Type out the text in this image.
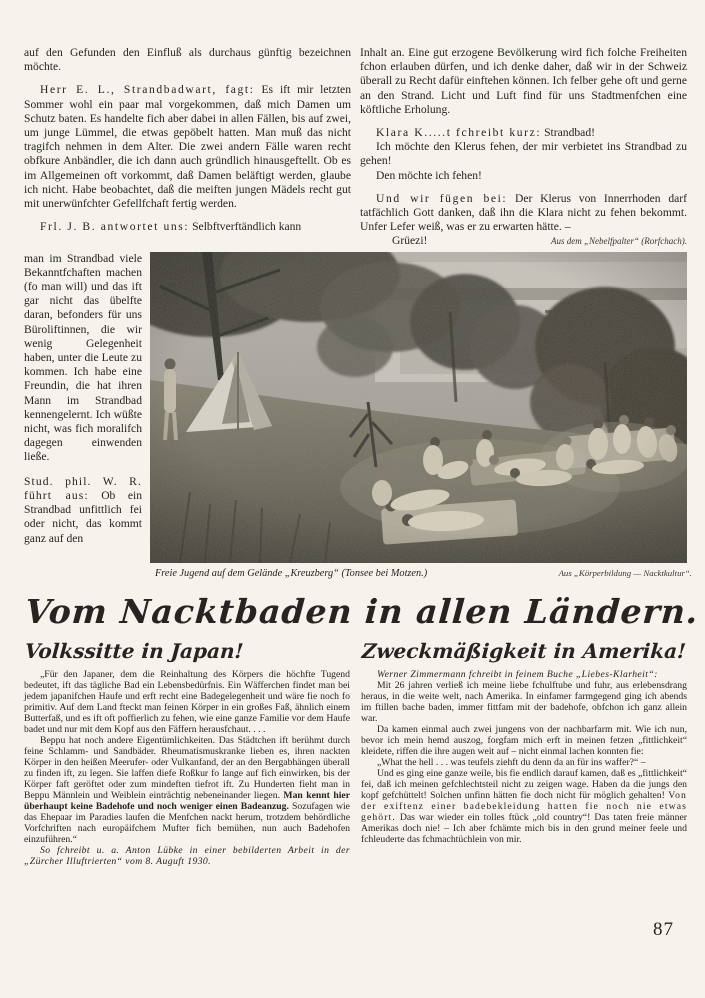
auf den Gefunden den Einfluß als durchaus günftig bezeichnen möchte.

Herr E. L., Strandbadwart, fagt: Es ift mir letzten Sommer wohl ein paar mal vorgekommen, daß mich Damen um Schutz baten. Es handelte fich aber dabei in allen Fällen, bis auf zwei, um junge Lümmel, die etwas gepöbelt hatten. Man muß das nicht tragifch nehmen in dem Alter. Die zwei andern Fälle waren recht obfkure Anbändler, die ich dann auch gründlich hinausgeftellt. Ob es im Allgemeinen oft vorkommt, daß Damen beläftigt werden, glaube ich nicht. Habe beobachtet, daß die meiften jungen Mädels recht gut mit unerwünfchter Gefellfchaft fertig werden.

Frl. J. B. antwortet uns: Selbftverftändlich kann

Inhalt an. Eine gut erzogene Bevölkerung wird fich folche Freiheiten fchon erlauben dürfen, und ich denke daher, daß wir in der Schweiz überall zu Recht dafür einftehen können. Ich felber gehe oft und gerne an den Strand. Licht und Luft find für uns Stadtmenfchen eine köftliche Erholung.

Klara K.....t fchreibt kurz: Strandbad!

Ich möchte den Klerus fehen, der mir verbietet ins Strandbad zu gehen!

Den möchte ich fehen!

Und wir fügen bei: Der Klerus von Innerrhoden darf tatfächlich Gott danken, daß ihn die Klara nicht zu fehen bekommt. Unfer Lefer weiß, was er zu erwarten hätte. –

Grüezi!	Aus dem „Nebelfpalter“ (Rorfchach).

man im Strandbad viele Bekanntfchaften machen (fo man will) und das ift gar nicht das übelfte daran, befonders für uns Büroliftinnen, die wir wenig Gelegenheit haben, unter die Leute zu kommen. Ich habe eine Freundin, die hat ihren Mann im Strandbad kennengelernt. Ich wüßte nicht, was fich moralifch dagegen einwenden ließe.

Stud. phil. W. R. führt aus: Ob ein Strandbad unfittlich fei oder nicht, das kommt ganz auf den

Freie Jugend auf dem Gelände „Kreuzberg“ (Tonsee bei Motzen.)	Aus „Körperbildung — Nacktkultur“.
Vom Nacktbaden in allen Ländern.
Volkssitte in Japan!

„Für den Japaner, dem die Reinhaltung des Körpers die höchfte Tugend bedeutet, ift das tägliche Bad ein Lebensbedürfnis. Ein Wäfferchen findet man bei jedem japanifchen Haufe und erft recht eine Badegelegenheit und wäre fie noch fo primitiv. Auf dem Land fteckt man feinen Körper in ein großes Faß, ähnlich einem Butterfaß, und es ift oft poffierlich zu fehen, wie eine ganze Familie vor dem Haufe badet und nur mit dem Kopf aus den Fäffern herausfchaut. . . .

Beppu hat noch andere Eigentümlichkeiten. Das Städtchen ift berühmt durch feine Schlamm- und Sandbäder. Rheumatismuskranke lieben es, ihren nackten Körper in den heißen Meerufer- oder Vulkanfand, der an den Bergabhängen überall zu finden ift, zu legen. Sie laffen diefe Roßkur fo lange auf fich einwirken, bis der Körper faft geröftet oder zum mindeften tiefrot ift. Zu Hunderten fieht man in Beppu Männlein und Weiblein einträchtig nebeneinander liegen. Man kennt hier überhaupt keine Badehofe und noch weniger einen Badeanzug. Sozufagen wie das Ehepaar im Paradies laufen die Menfchen nackt herum, trotzdem behördliche Vorfchriften nach europäifchem Mufter fich bemühen, nun auch Badehofen einzuführen.“

So fchreibt u. a. Anton Lübke in einer bebilderten Arbeit in der „Zürcher Illuftrierten“ vom 8. Auguft 1930.

Zweckmäßigkeit in Amerika!

Werner Zimmermann fchreibt in feinem Buche „Liebes-Klarheit“:

Mit 26 jahren verließ ich meine liebe fchulftube und fuhr, aus erlebensdrang heraus, in die weite welt, nach Amerika. In einfamer farmgegend ging ich abends im ftillen bache baden, immer fittfam mit der badehofe, obfchon ich ganz allein war.

Da kamen einmal auch zwei jungens von der nachbarfarm mit. Wie ich nun, bevor ich mein hemd auszog, forgfam mich erft in meinen fetzen „fittlichkeit“ kleidete, riffen die ihre augen weit auf – nicht einmal lachen konnten fie:

„What the hell . . . was teufels ziehft du denn da an für ins waffer?“ –

Und es ging eine ganze weile, bis fie endlich darauf kamen, daß es „fittlichkeit“ fei, daß ich meinen gefchlechtsteil nicht zu zeigen wage. Haben da die jungs den kopf gefchüttelt! Solchen unfinn hätten fie doch nicht für möglich gehalten! Von der exiftenz einer badebekleidung hatten fie noch nie etwas gehört. Das war wieder ein tolles ftück „old country“! Das taten freie männer Amerikas doch nie! – Ich aber fchämte mich bis in den grund meiner feele und fchleuderte das fchmachtüchlein von mir.

87
